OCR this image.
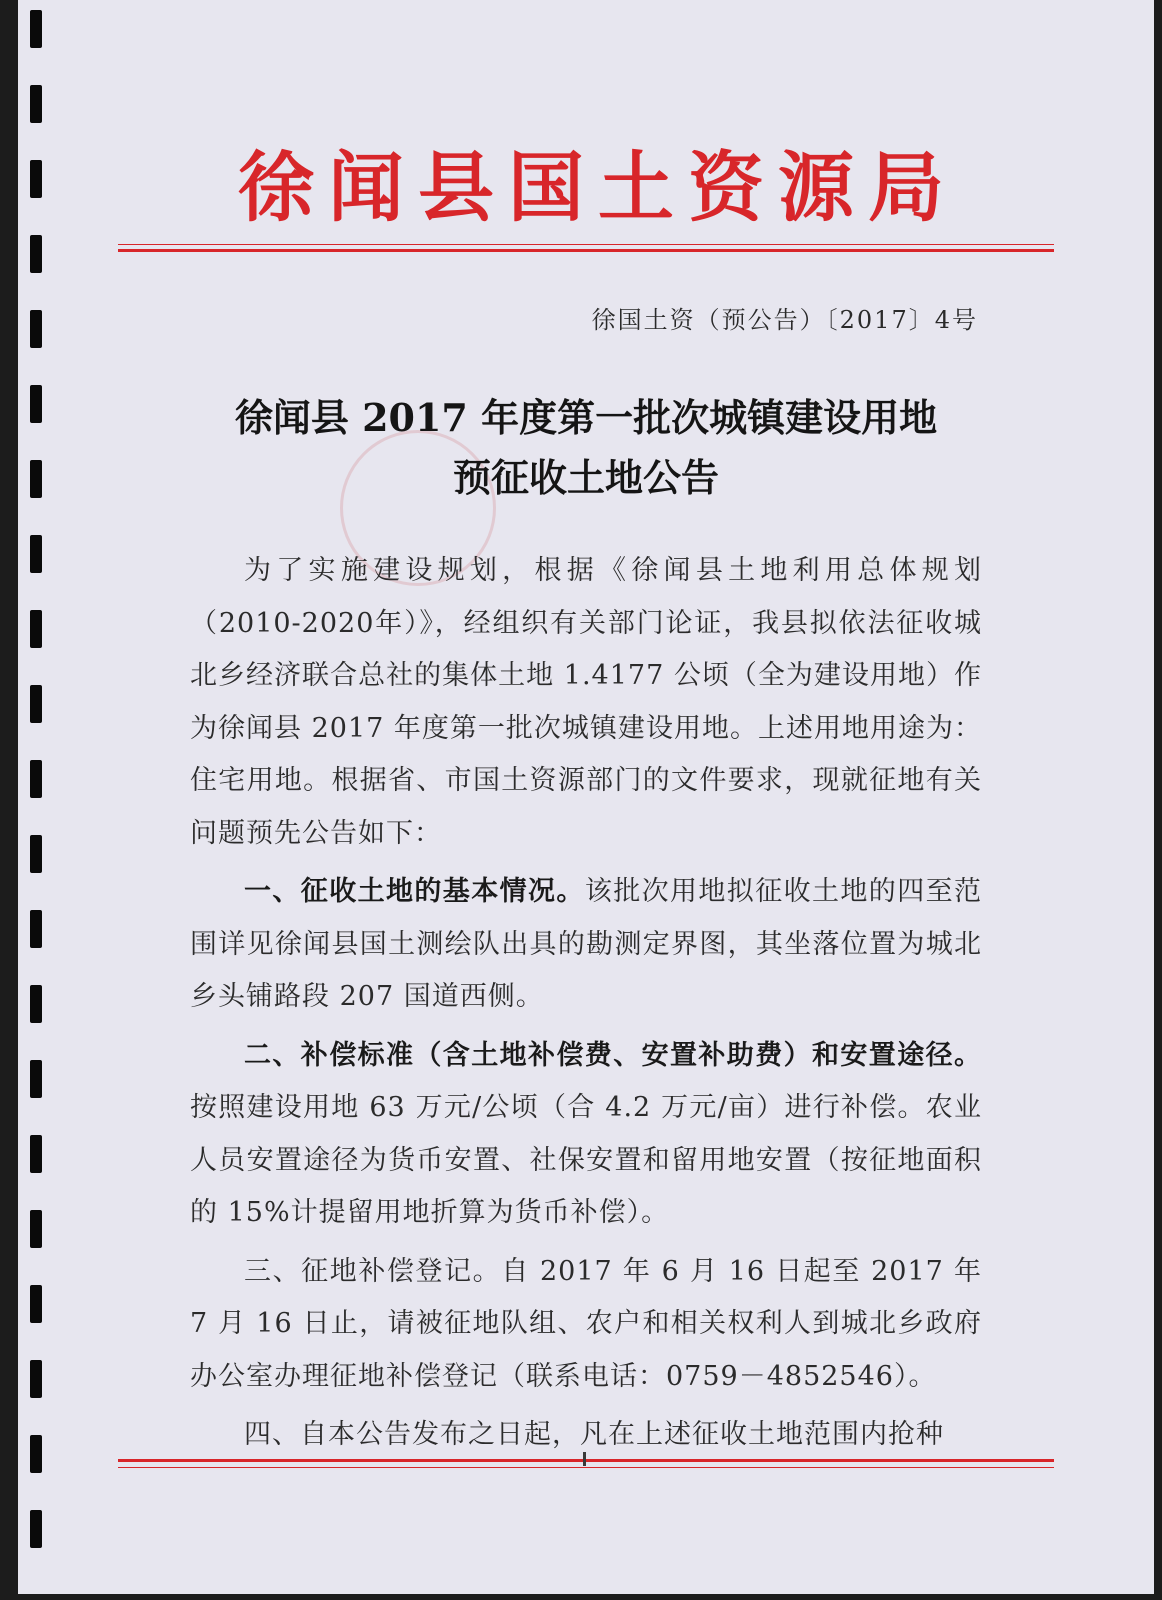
徐闻县国土资源局
徐国土资（预公告）〔2017〕4号
徐闻县 2017 年度第一批次城镇建设用地
预征收土地公告

为了实施建设规划，根据《徐闻县土地利用总体规划（2010-2020年）》，经组织有关部门论证，我县拟依法征收城北乡经济联合总社的集体土地 1.4177 公顷（全为建设用地）作为徐闻县 2017 年度第一批次城镇建设用地。上述用地用途为：住宅用地。根据省、市国土资源部门的文件要求，现就征地有关问题预先公告如下：

一、征收土地的基本情况。该批次用地拟征收土地的四至范围详见徐闻县国土测绘队出具的勘测定界图，其坐落位置为城北乡头铺路段 207 国道西侧。

二、补偿标准（含土地补偿费、安置补助费）和安置途径。按照建设用地 63 万元/公顷（合 4.2 万元/亩）进行补偿。农业人员安置途径为货币安置、社保安置和留用地安置（按征地面积的 15%计提留用地折算为货币补偿）。

三、征地补偿登记。自 2017 年 6 月 16 日起至 2017 年 7 月 16 日止，请被征地队组、农户和相关权利人到城北乡政府办公室办理征地补偿登记（联系电话：0759－4852546）。

四、自本公告发布之日起，凡在上述征收土地范围内抢种
